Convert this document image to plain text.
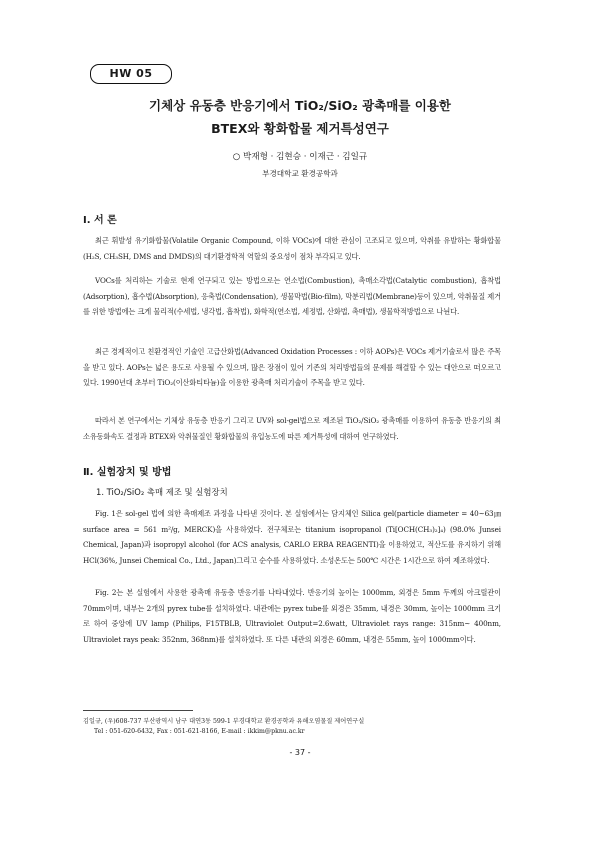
HW 05
기체상 유동층 반응기에서 TiO₂/SiO₂ 광촉매를 이용한
BTEX와 황화합물 제거특성연구
○ 박재형 · 김현승 · 이재근 · 김일규
부경대학교 환경공학과
Ⅰ. 서 론

최근 휘발성 유기화합물(Volatile Organic Compound, 이하 VOCs)에 대한 관심이 고조되고 있으며, 악취를 유발하는 황화합물(H₂S, CH₃SH, DMS and DMDS)의 대기환경학적 역할의 중요성이 점차 부각되고 있다.

VOCs를 처리하는 기술로 현재 연구되고 있는 방법으로는 연소법(Combustion), 촉매소각법(Catalytic combustion), 흡착법(Adsorption), 흡수법(Absorption), 응축법(Condensation), 생물막법(Bio-film), 막분리법(Membrane)등이 있으며, 악취물질 제거를 위한 방법에는 크게 물리적(수세법, 냉각법, 흡착법), 화학적(연소법, 세정법, 산화법, 촉매법), 생물학적방법으로 나뉜다.

최근 경제적이고 친환경적인 기술인 고급산화법(Advanced Oxidation Processes : 이하 AOPs)은 VOCs 제거기술로서 많은 주목을 받고 있다. AOPs는 넓은 용도로 사용될 수 있으며, 많은 장점이 있어 기존의 처리방법들의 문제를 해결할 수 있는 대안으로 떠오르고 있다. 1990년대 초부터 TiO₂(이산화티타늄)을 이용한 광촉매 처리기술이 주목을 받고 있다.

따라서 본 연구에서는 기체상 유동층 반응기 그리고 UV와 sol-gel법으로 제조된 TiO₂/SiO₂ 광촉매를 이용하여 유동층 반응기의 최소유동화속도 결정과 BTEX와 악취물질인 황화합물의 유입농도에 따른 제거특성에 대하여 연구하였다.

Ⅱ. 실험장치 및 방법
1. TiO₂/SiO₂ 촉매 제조 및 실험장치

Fig. 1은 sol-gel 법에 의한 촉매제조 과정을 나타낸 것이다. 본 실험에서는 담지체인 Silica gel(particle diameter = 40~63㎛ surface area = 561 m²/g, MERCK)을 사용하였다. 전구체로는 titanium isopropanol (Ti[OCH(CH₃)₂]₄) (98.0% Junsei Chemical, Japan)과 isopropyl alcohol (for ACS analysis, CARLO ERBA REAGENTI)을 이용하였고, 적산도를 유지하기 위해 HCl(36%, Junsei Chemical Co., Ltd., Japan)그리고 순수를 사용하였다. 소성온도는 500℃ 시간은 1시간으로 하여 제조하였다.

Fig. 2는 본 실험에서 사용한 광촉매 유동층 반응기를 나타내었다. 반응기의 높이는 1000mm, 외경은 5mm 두께의 아크릴관이 70mm이며, 내부는 2개의 pyrex tube를 설치하였다. 내관에는 pyrex tube를 외경은 35mm, 내경은 30mm, 높이는 1000mm 크기로 하여 중앙에 UV lamp (Philips, F15TBLB, Ultraviolet Output=2.6watt, Ultraviolet rays range: 315nm~ 400nm, Ultraviolet rays peak: 352nm, 368nm)를 설치하였다. 또 다른 내관의 외경은 60mm, 내경은 55mm, 높이 1000mm이다.

김일규, (우)608-737 부산광역시 남구 대연3동 599-1 부경대학교 환경공학과 유해오염물질 제어연구실
Tel : 051-620-6432, Fax : 051-621-8166, E-mail : ikkim@pknu.ac.kr
- 37 -
